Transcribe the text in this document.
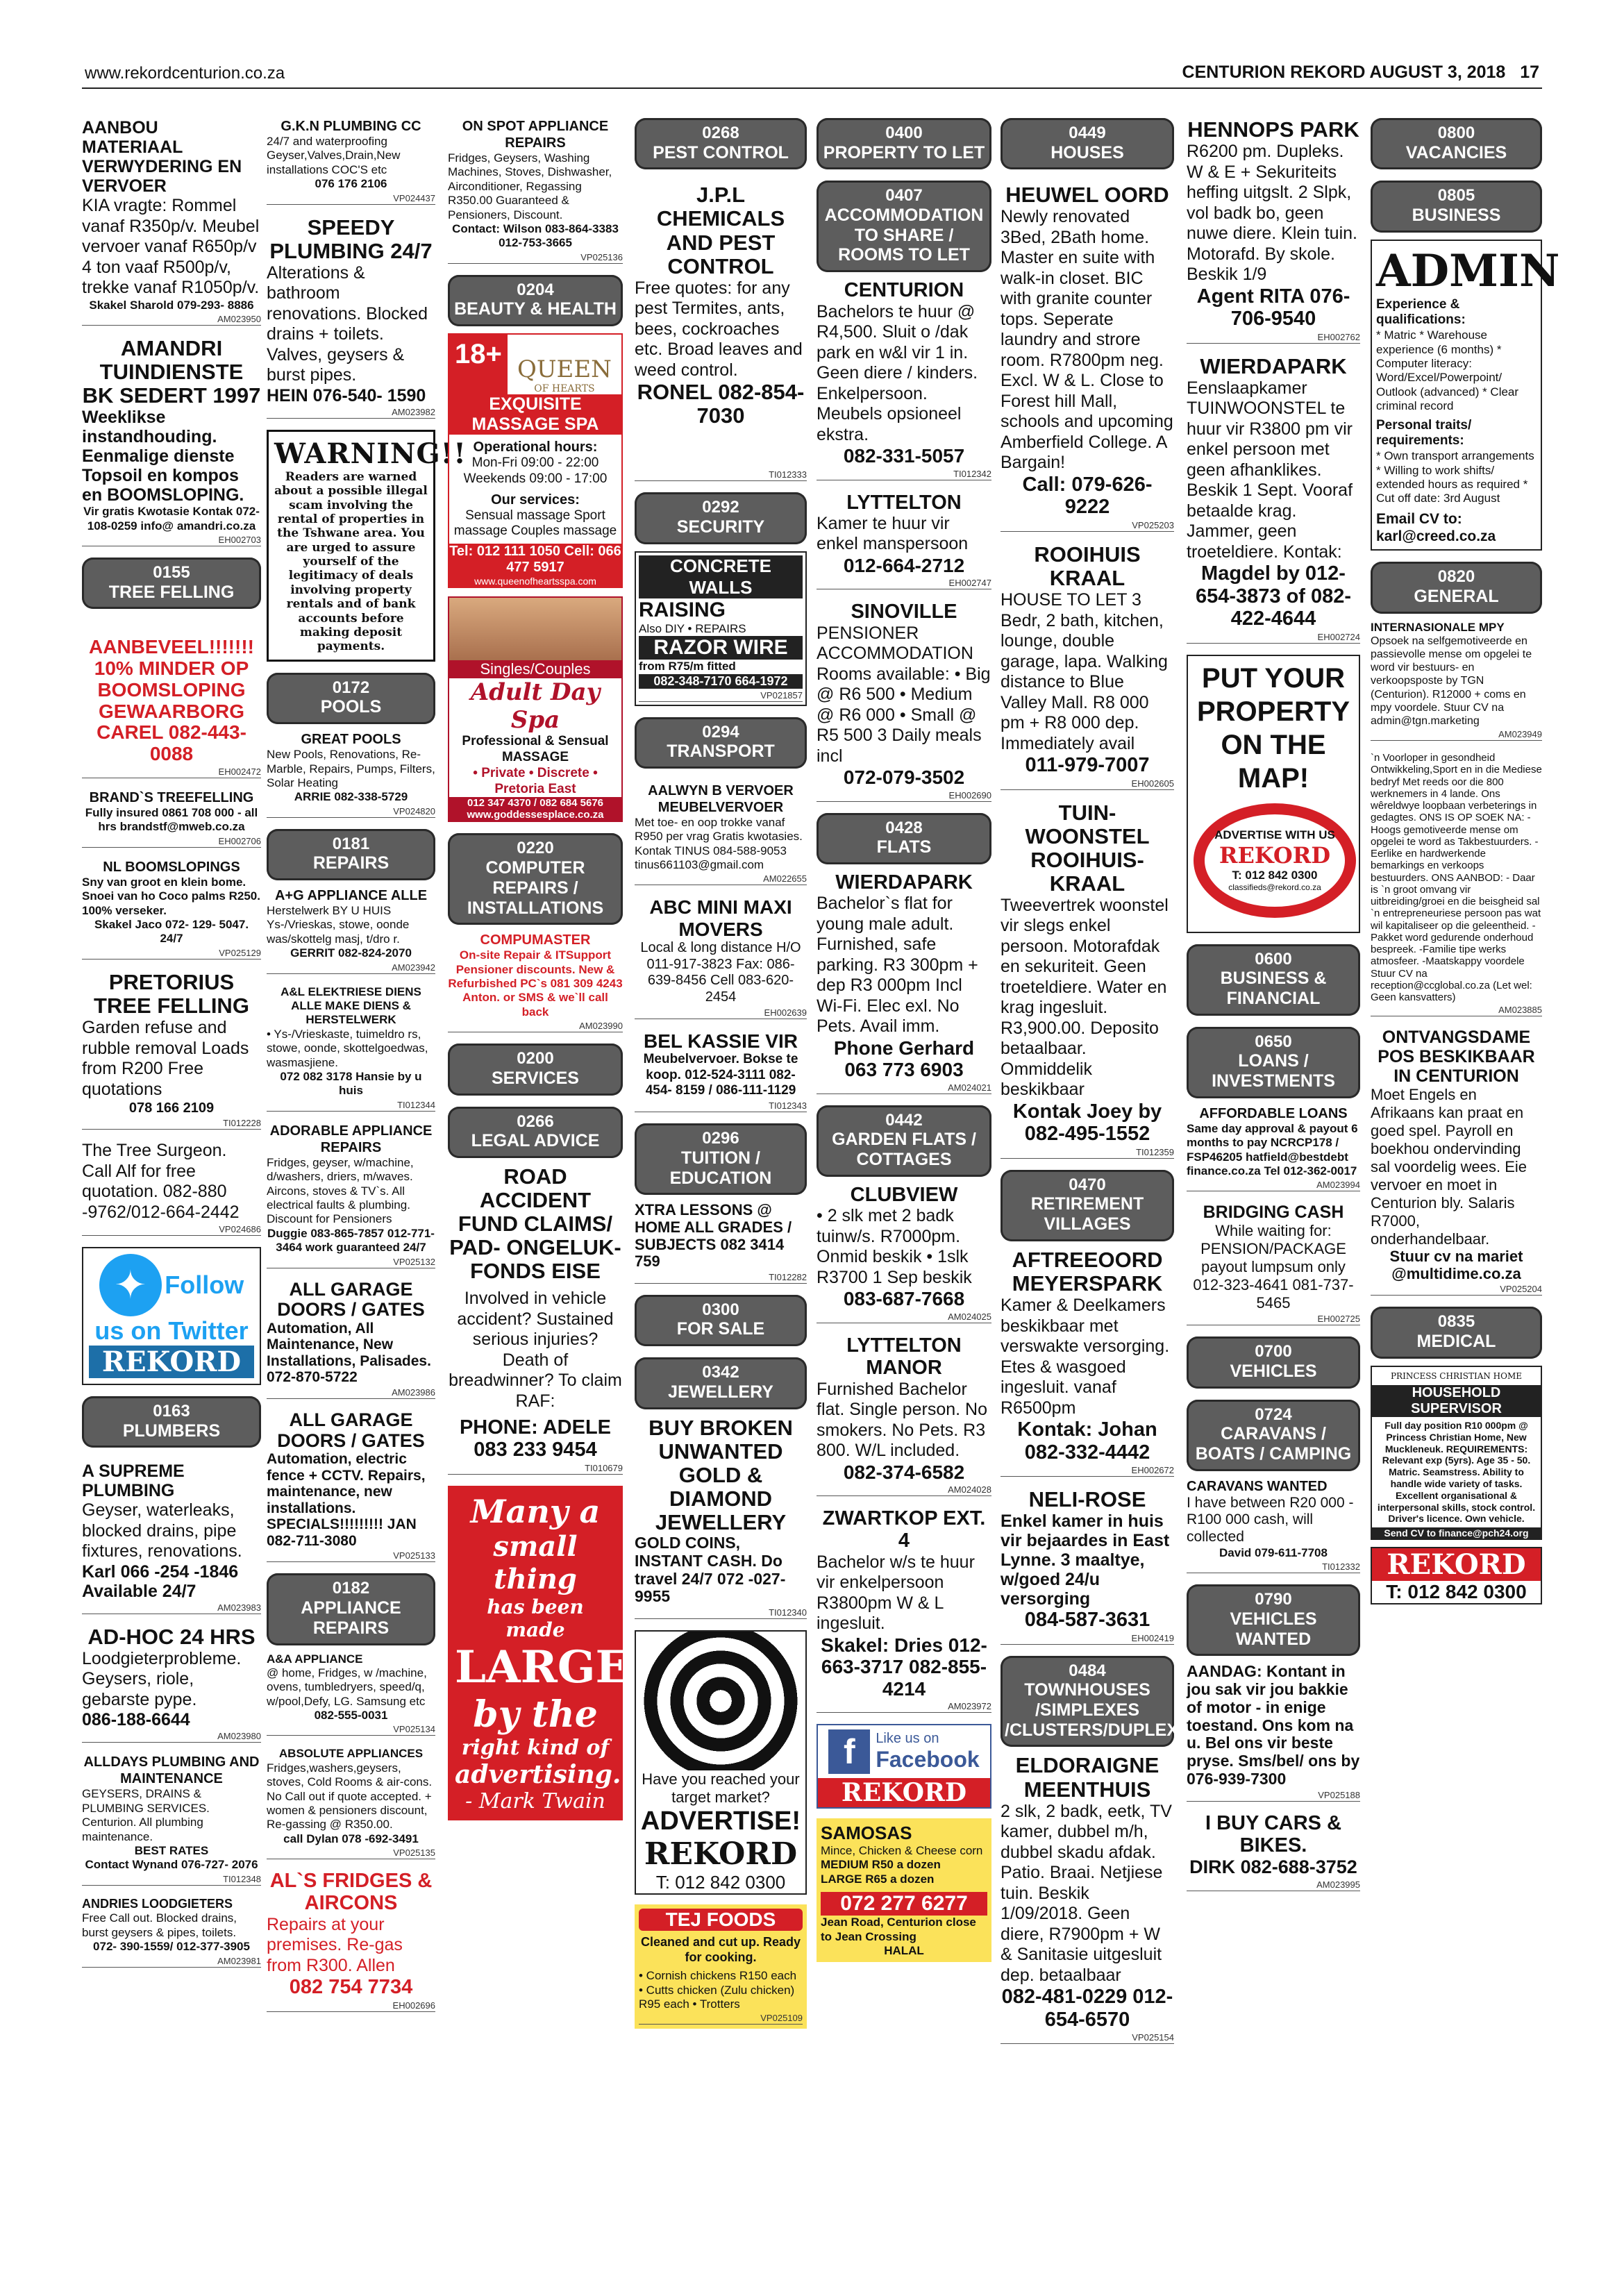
www.rekordcenturion.co.za	CENTURION REKORD AUGUST 3, 2018 17
AANBOU MATERIAAL VERWYDERING EN VERVOER
KIA vragte: Rommel vanaf R350p/v. Meubel vervoer vanaf R650p/v 4 ton vaaf R500p/v, trekke vanaf R1050p/v.
Skakel Sharold 079-293- 8886
AM023950
AMANDRI TUINDIENSTE BK SEDERT 1997
Weeklikse instandhouding. Eenmalige dienste Topsoil en kompos en BOOMSLOPING.
Vir gratis Kwotasie Kontak 072-108-0259 info@ amandri.co.za
EH002703
0155
TREE FELLING
AANBEVEEL!!!!!!! 10% MINDER OP BOOMSLOPING GEWAARBORG CAREL 082-443-0088
EH002472
BRAND`S TREEFELLING
Fully insured 0861 708 000 - all hrs brandstf@mweb.co.za
EH002706
NL BOOMSLOPINGS
Sny van groot en klein bome. Snoei van ho Coco palms R250. 100% verseker.
Skakel Jaco 072- 129- 5047. 24/7
VP025129
PRETORIUS TREE FELLING
Garden refuse and rubble removal Loads from R200 Free quotations
078 166 2109
TI012228
The Tree Surgeon. Call Alf for free quotation. 082-880 -9762/012-664-2442
VP024686
✦ Follow
us on Twitter
REKORD
0163
PLUMBERS
A SUPREME PLUMBING
Geyser, waterleaks, blocked drains, pipe fixtures, renovations.
Karl 066 -254 -1846 Available 24/7
AM023983
AD-HOC 24 HRS
Loodgieterprobleme. Geysers, riole, gebarste pype.
086-188-6644
AM023980
ALLDAYS PLUMBING AND MAINTENANCE
GEYSERS, DRAINS & PLUMBING SERVICES. Centurion. All plumbing maintenance.
BEST RATES
Contact Wynand 076-727- 2076
TI012348
ANDRIES LOODGIETERS
Free Call out. Blocked drains, burst geysers & pipes, toilets.
072- 390-1559/ 012-377-3905
AM023981
G.K.N PLUMBING CC
24/7 and waterproofing Geyser,Valves,Drain,New installations COC'S etc
076 176 2106
VP024437
SPEEDY PLUMBING 24/7
Alterations & bathroom renovations. Blocked drains + toilets. Valves, geysers & burst pipes.
HEIN 076-540- 1590
AM023982
WARNING!!
Readers are warned about a possible illegal scam involving the rental of properties in the Tshwane area. You are urged to assure yourself of the legitimacy of deals involving property rentals and of bank accounts before making deposit payments.
0172
POOLS
GREAT POOLS
New Pools, Renovations, Re-Marble, Repairs, Pumps, Filters, Solar Heating
ARRIE 082-338-5729
VP024820
0181
REPAIRS
A+G APPLIANCE ALLE
Herstelwerk BY U HUIS Ys-/Vrieskas, stowe, oonde was/skottelg masj, t/dro r.
GERRIT 082-824-2070
AM023942
A&L ELEKTRIESE DIENS ALLE MAKE DIENS & HERSTELWERK
• Ys-/Vrieskaste, tuimeldro rs, stowe, oonde, skottelgoedwas, wasmasjiene.
072 082 3178 Hansie by u huis
TI012344
ADORABLE APPLIANCE REPAIRS
Fridges, geyser, w/machine, d/washers, driers, m/waves. Aircons, stoves & TV`s. All electrical faults & plumbing. Discount for Pensioners
Duggie 083-865-7857 012-771-3464 work guaranteed 24/7
VP025132
ALL GARAGE DOORS / GATES
Automation, All Maintenance, New Installations, Palisades. 072-870-5722
AM023986
ALL GARAGE DOORS / GATES
Automation, electric fence + CCTV. Repairs, maintenance, new installations. SPECIALS!!!!!!!!! JAN 082-711-3080
VP025133
0182
APPLIANCE REPAIRS
A&A APPLIANCE
@ home, Fridges, w /machine, ovens, tumbledryers, speed/q, w/pool,Defy, LG. Samsung etc
082-555-0031
VP025134
ABSOLUTE APPLIANCES
Fridges,washers,geysers, stoves, Cold Rooms & air-cons. No Call out if quote accepted. + women & pensioners discount, Re-gassing @ R350.00.
call Dylan 078 -692-3491
VP025135
AL`S FRIDGES & AIRCONS
Repairs at your premises. Re-gas from R300. Allen
082 754 7734
EH002696
ON SPOT APPLIANCE REPAIRS
Fridges, Geysers, Washing Machines, Stoves, Dishwasher, Airconditioner, Regassing R350.00 Guaranteed & Pensioners, Discount.
Contact: Wilson 083-864-3383 012-753-3665
VP025136
0204
BEAUTY & HEALTH
18+ QUEEN
OF HEARTS
EXQUISITE MASSAGE SPA
Operational hours:
Mon-Fri 09:00 - 22:00 Weekends 09:00 - 17:00
Our services:
Sensual massage Sport massage Couples massage
Tel: 012 111 1050 Cell: 066 477 5917
www.queenofheartsspa.com
Singles/Couples
Adult Day Spa
Professional & Sensual MASSAGE
• Private • Discrete • Pretoria East
012 347 4370 / 082 684 5676 www.goddessesplace.co.za
0220
COMPUTER REPAIRS / INSTALLATIONS
COMPUMASTER
On-site Repair & ITSupport Pensioner discounts. New & Refurbished PC`s 081 309 4243 Anton. or SMS & we`ll call back
AM023990
0200
SERVICES
0266
LEGAL ADVICE
ROAD ACCIDENT FUND CLAIMS/ PAD- ONGELUK- FONDS EISE
Involved in vehicle accident? Sustained serious injuries? Death of breadwinner? To claim RAF:
PHONE: ADELE 083 233 9454
TI010679
Many a
small thing
has been made
LARGE
by the
right kind of
advertising.
- Mark Twain
0268
PEST CONTROL
J.P.L CHEMICALS AND PEST CONTROL
Free quotes: for any pest Termites, ants, bees, cockroaches etc. Broad leaves and weed control.
RONEL 082-854-7030
TI012333
0292
SECURITY
CONCRETE WALLS
RAISING
Also DIY • REPAIRS
RAZOR WIRE
from R75/m fitted
082-348-7170 664-1972
VP021857
0294
TRANSPORT
AALWYN B VERVOER MEUBELVERVOER
Met toe- en oop trokke vanaf R950 per vrag Gratis kwotasies. Kontak TINUS 084-588-9053 tinus661103@gmail.com
AM022655
ABC MINI MAXI MOVERS
Local & long distance H/O 011-917-3823 Fax: 086-639-8456 Cell 083-620-2454
EH002639
BEL KASSIE VIR
Meubelvervoer. Bokse te koop. 012-524-3111 082-454- 8159 / 086-111-1129
TI012343
0296
TUITION / EDUCATION
XTRA LESSONS @ HOME ALL GRADES / SUBJECTS 082 3414 759
TI012282
0300
FOR SALE
0342
JEWELLERY
BUY BROKEN UNWANTED GOLD & DIAMOND JEWELLERY
GOLD COINS, INSTANT CASH. Do travel 24/7 072 -027- 9955
TI012340
Have you reached your target market?
ADVERTISE!
REKORD
T: 012 842 0300
TEJ FOODS
Cleaned and cut up. Ready for cooking.
• Cornish chickens R150 each • Cutts chicken (Zulu chicken) R95 each • Trotters
VP025109
0400
PROPERTY TO LET
0407
ACCOMMODATION TO SHARE / ROOMS TO LET
CENTURION
Bachelors te huur @ R4,500. Sluit o /dak park en w&l vir 1 in. Geen diere / kinders. Enkelpersoon. Meubels opsioneel ekstra.
082-331-5057
TI012342
LYTTELTON
Kamer te huur vir enkel manspersoon
012-664-2712
EH002747
SINOVILLE
PENSIONER ACCOMMODATION Rooms available: • Big @ R6 500 • Medium @ R6 000 • Small @ R5 500 3 Daily meals incl
072-079-3502
EH002690
0428
FLATS
WIERDAPARK
Bachelor`s flat for young male adult. Furnished, safe parking. R3 300pm + dep R3 000pm Incl Wi-Fi. Elec exl. No Pets. Avail imm.
Phone Gerhard 063 773 6903
AM024021
0442
GARDEN FLATS / COTTAGES
CLUBVIEW
• 2 slk met 2 badk tuinw/s. R7000pm. Onmid beskik • 1slk R3700 1 Sep beskik
083-687-7668
AM024025
LYTTELTON MANOR
Furnished Bachelor flat. Single person. No smokers. No Pets. R3 800. W/L included.
082-374-6582
AM024028
ZWARTKOP EXT. 4
Bachelor w/s te huur vir enkelpersoon R3800pm W & L ingesluit.
Skakel: Dries 012-663-3717 082-855-4214
AM023972
f	Like us on
Facebook
REKORD
SAMOSAS
Mince, Chicken & Cheese corn
MEDIUM R50 a dozen
LARGE R65 a dozen
072 277 6277
Jean Road, Centurion close to Jean Crossing
HALAL
0449
HOUSES
HEUWEL OORD
Newly renovated 3Bed, 2Bath home. Master en suite with walk-in closet. BIC with granite counter tops. Seperate laundry and strore room. R7800pm neg. Excl. W & L. Close to Forest hill Mall, schools and upcoming Amberfield College. A Bargain!
Call: 079-626-9222
VP025203
ROOIHUIS KRAAL
HOUSE TO LET 3 Bedr, 2 bath, kitchen, lounge, double garage, lapa. Walking distance to Blue Valley Mall. R8 000 pm + R8 000 dep. Immediately avail
011-979-7007
EH002605
TUIN- WOONSTEL ROOIHUIS- KRAAL
Tweevertrek woonstel vir slegs enkel persoon. Motorafdak en sekuriteit. Geen troeteldiere. Water en krag ingesluit. R3,900.00. Deposito betaalbaar. Ommiddelik beskikbaar
Kontak Joey by 082-495-1552
TI012359
0470
RETIREMENT VILLAGES
AFTREEOORD MEYERSPARK
Kamer & Deelkamers beskikbaar met verswakte versorging. Etes & wasgoed ingesluit. vanaf R6500pm
Kontak: Johan 082-332-4442
EH002672
NELI-ROSE
Enkel kamer in huis vir bejaardes in East Lynne. 3 maaltye, w/goed 24/u versorging
084-587-3631
EH002419
0484
TOWNHOUSES /SIMPLEXES /CLUSTERS/DUPLEXES
ELDORAIGNE MEENTHUIS
2 slk, 2 badk, eetk, TV kamer, dubbel m/h, dubbel skadu afdak. Patio. Braai. Netjiese tuin. Beskik 1/09/2018. Geen diere, R7900pm + W & Sanitasie uitgesluit dep. betaalbaar
082-481-0229 012-654-6570
VP025154
HENNOPS PARK
R6200 pm. Dupleks. W & E + Sekuriteits heffing uitgslt. 2 Slpk, vol badk bo, geen nuwe diere. Klein tuin. Motorafd. By skole. Beskik 1/9
Agent RITA 076-706-9540
EH002762
WIERDAPARK
Eenslaapkamer TUINWOONSTEL te huur vir R3800 pm vir enkel persoon met geen afhanklikes. Beskik 1 Sept. Vooraf betaalde krag. Jammer, geen troeteldiere. Kontak:
Magdel by 012-654-3873 of 082-422-4644
EH002724
PUT YOUR PROPERTY ON THE MAP!
ADVERTISE WITH US
REKORD
T: 012 842 0300
classifieds@rekord.co.za
0600
BUSINESS & FINANCIAL
0650
LOANS / INVESTMENTS
AFFORDABLE LOANS
Same day approval & payout 6 months to pay NCRCP178 / FSP46205 hatfield@bestdebt finance.co.za Tel 012-362-0017
AM023994
BRIDGING CASH
While waiting for: PENSION/PACKAGE payout lumpsum only 012-323-4641 081-737-5465
EH002725
0700
VEHICLES
0724
CARAVANS / BOATS / CAMPING
CARAVANS WANTED
I have between R20 000 - R100 000 cash, will collected
David 079-611-7708
TI012332
0790
VEHICLES WANTED
AANDAG: Kontant in jou sak vir jou bakkie of motor - in enige toestand. Ons kom na u. Bel ons vir beste pryse. Sms/bel/ ons by 076-939-7300
VP025188
I BUY CARS & BIKES.
DIRK 082-688-3752
AM023995
0800
VACANCIES
0805
BUSINESS
ADMIN
Experience & qualifications:
* Matric * Warehouse experience (6 months) * Computer literacy: Word/Excel/Powerpoint/ Outlook (advanced) * Clear criminal record
Personal traits/ requirements:
* Own transport arrangements * Willing to work shifts/ extended hours as required * Cut off date: 3rd August
Email CV to: karl@creed.co.za
0820
GENERAL
INTERNASIONALE MPY
Opsoek na selfgemotiveerde en passievolle mense om opgelei te word vir bestuurs- en verkoopsposte by TGN (Centurion). R12000 + coms en mpy voordele. Stuur CV na admin@tgn.marketing
AM023949
`n Voorloper in gesondheid Ontwikkeling,Sport en in die Mediese bedryf Met reeds oor die 800 werknemers in 4 lande. Ons wêreldwye loopbaan verbeterings in gedagtes. ONS IS OP SOEK NA: -Hoogs gemotiveerde mense om opgelei te word as Takbestuurders. -Eerlike en hardwerkende bemarkings en verkoops bestuurders. ONS AANBOD: - Daar is `n groot omvang vir uitbreiding/groei en die beisgheid sal `n entrepreneuriese persoon pas wat wil kapitaliseer op die geleentheid. -Pakket word gedurende onderhoud bespreek. -Familie tipe werks atmosfeer. -Maatskappy voordele Stuur CV na reception@ccglobal.co.za (Let wel: Geen kansvatters)
AM023885
ONTVANGSDAME POS BESKIKBAAR IN CENTURION
Moet Engels en Afrikaans kan praat en goed spel. Payroll en boekhou ondervinding sal voordelig wees. Eie vervoer en moet in Centurion bly. Salaris R7000, onderhandelbaar.
Stuur cv na mariet @multidime.co.za
VP025204
0835
MEDICAL
PRINCESS CHRISTIAN HOME
HOUSEHOLD SUPERVISOR
Full day position R10 000pm @ Princess Christian Home, New Muckleneuk. REQUIREMENTS: Relevant exp (5yrs). Age 35 - 50. Matric. Seamstress. Ability to handle wide variety of tasks. Excellent organisational & interpersonal skills, stock control. Driver's licence. Own vehicle.
Send CV to finance@pch24.org
REKORD
T: 012 842 0300
